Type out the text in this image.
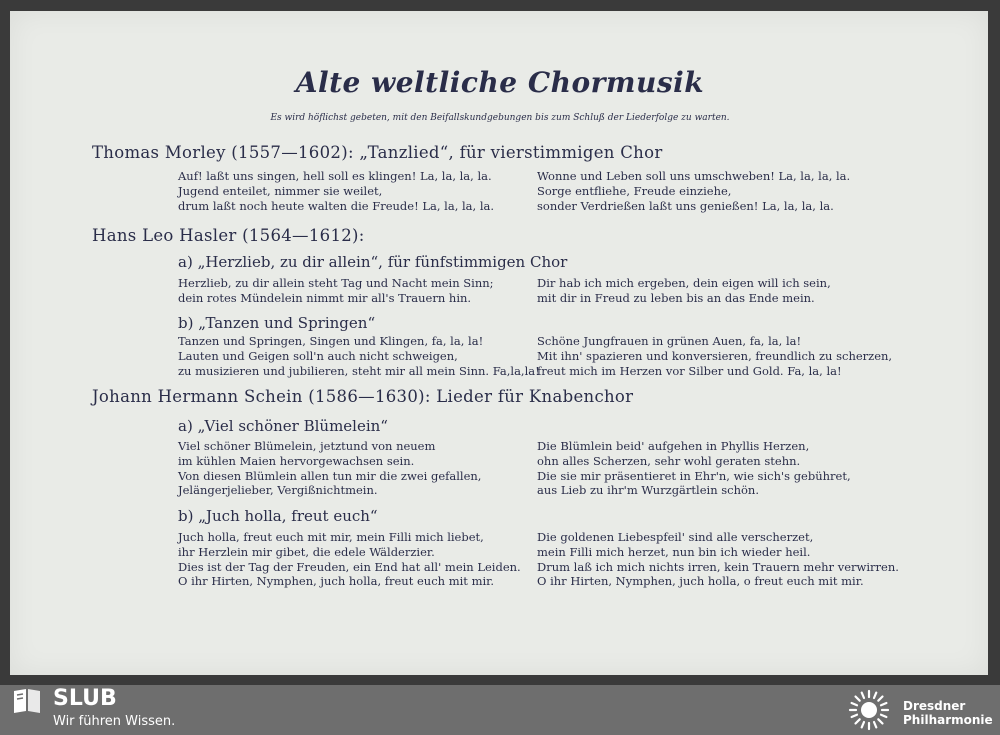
Alte weltliche Chormusik
Es wird höflichst gebeten, mit den Beifallskundgebungen bis zum Schluß der Liederfolge zu warten.
Thomas Morley (1557—1602): „Tanzlied“, für vierstimmigen Chor
Auf! laßt uns singen, hell soll es klingen! La, la, la, la.
Jugend enteilet, nimmer sie weilet,
drum laßt noch heute walten die Freude! La, la, la, la.
Wonne und Leben soll uns umschweben! La, la, la, la.
Sorge entfliehe, Freude einziehe,
sonder Verdrießen laßt uns genießen! La, la, la, la.
Hans Leo Hasler (1564—1612):
a) „Herzlieb, zu dir allein“, für fünfstimmigen Chor
Herzlieb, zu dir allein steht Tag und Nacht mein Sinn;
dein rotes Mündelein nimmt mir all's Trauern hin.
Dir hab ich mich ergeben, dein eigen will ich sein,
mit dir in Freud zu leben bis an das Ende mein.
b) „Tanzen und Springen“
Tanzen und Springen, Singen und Klingen, fa, la, la!
Lauten und Geigen soll'n auch nicht schweigen,
zu musizieren und jubilieren, steht mir all mein Sinn. Fa,la,la!
Schöne Jungfrauen in grünen Auen, fa, la, la!
Mit ihn' spazieren und konversieren, freundlich zu scherzen,
freut mich im Herzen vor Silber und Gold. Fa, la, la!
Johann Hermann Schein (1586—1630): Lieder für Knabenchor
a) „Viel schöner Blümelein“
Viel schöner Blümelein, jetztund von neuem
im kühlen Maien hervorgewachsen sein.
Von diesen Blümlein allen tun mir die zwei gefallen,
Jelängerjelieber, Vergißnichtmein.
Die Blümlein beid' aufgehen in Phyllis Herzen,
ohn alles Scherzen, sehr wohl geraten stehn.
Die sie mir präsentieret in Ehr'n, wie sich's gebühret,
aus Lieb zu ihr'm Wurzgärtlein schön.
b) „Juch holla, freut euch“
Juch holla, freut euch mit mir, mein Filli mich liebet,
ihr Herzlein mir gibet, die edele Wälderzier.
Dies ist der Tag der Freuden, ein End hat all' mein Leiden.
O ihr Hirten, Nymphen, juch holla, freut euch mit mir.
Die goldenen Liebespfeil' sind alle verscherzet,
mein Filli mich herzet, nun bin ich wieder heil.
Drum laß ich mich nichts irren, kein Trauern mehr verwirren.
O ihr Hirten, Nymphen, juch holla, o freut euch mit mir.
SLUB
Wir führen Wissen.
Dresdner
Philharmonie
